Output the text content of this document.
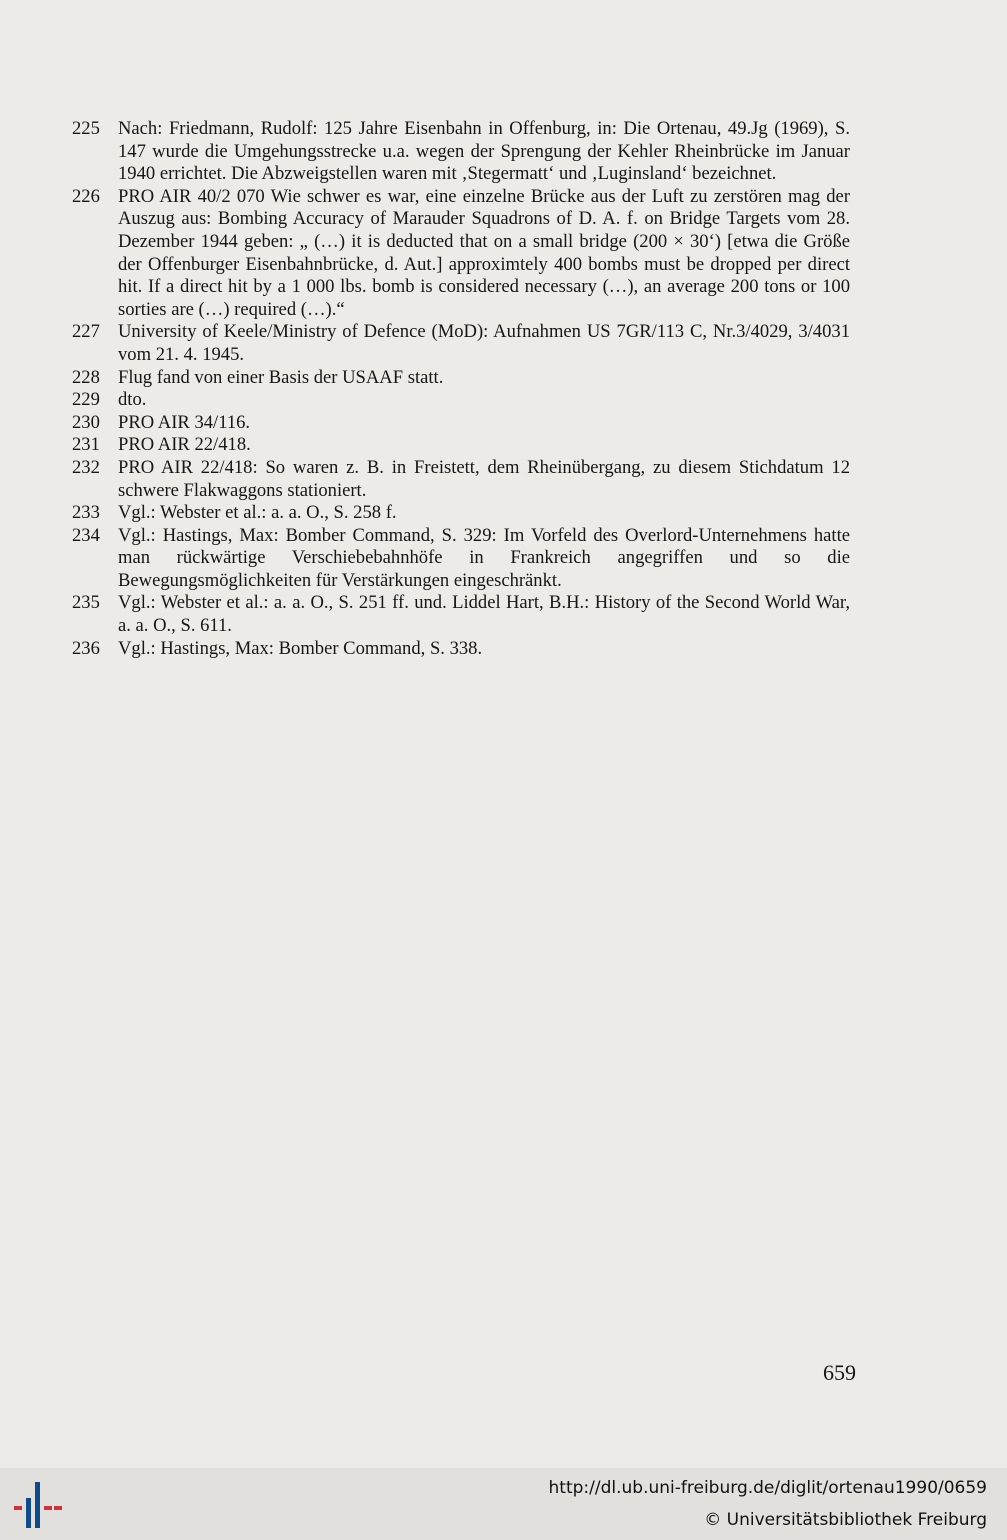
225 Nach: Friedmann, Rudolf: 125 Jahre Eisenbahn in Offenburg, in: Die Ortenau, 49.Jg (1969), S. 147 wurde die Umgehungsstrecke u.a. wegen der Sprengung der Kehler Rheinbrücke im Januar 1940 errichtet. Die Abzweigstellen waren mit ‚Stegermatt‘ und ‚Luginsland‘ bezeichnet.
226 PRO AIR 40/2 070 Wie schwer es war, eine einzelne Brücke aus der Luft zu zerstören mag der Auszug aus: Bombing Accuracy of Marauder Squadrons of D. A. f. on Bridge Targets vom 28. Dezember 1944 geben: „ (…) it is deducted that on a small bridge (200 × 30‘) [etwa die Größe der Offenburger Eisenbahnbrücke, d. Aut.] approximtely 400 bombs must be dropped per direct hit. If a direct hit by a 1 000 lbs. bomb is considered necessary (…), an average 200 tons or 100 sorties are (…) required (…).“
227 University of Keele/Ministry of Defence (MoD): Aufnahmen US 7GR/113 C, Nr.3/4029, 3/4031 vom 21. 4. 1945.
228 Flug fand von einer Basis der USAAF statt.
229 dto.
230 PRO AIR 34/116.
231 PRO AIR 22/418.
232 PRO AIR 22/418: So waren z. B. in Freistett, dem Rheinübergang, zu diesem Stichdatum 12 schwere Flakwaggons stationiert.
233 Vgl.: Webster et al.: a. a. O., S. 258 f.
234 Vgl.: Hastings, Max: Bomber Command, S. 329: Im Vorfeld des Overlord-Unternehmens hatte man rückwärtige Verschiebebahnhöfe in Frankreich angegriffen und so die Bewegungsmöglichkeiten für Verstärkungen eingeschränkt.
235 Vgl.: Webster et al.: a. a. O., S. 251 ff. und. Liddel Hart, B.H.: History of the Second World War, a. a. O., S. 611.
236 Vgl.: Hastings, Max: Bomber Command, S. 338.
659
http://dl.ub.uni-freiburg.de/diglit/ortenau1990/0659
© Universitätsbibliothek Freiburg
